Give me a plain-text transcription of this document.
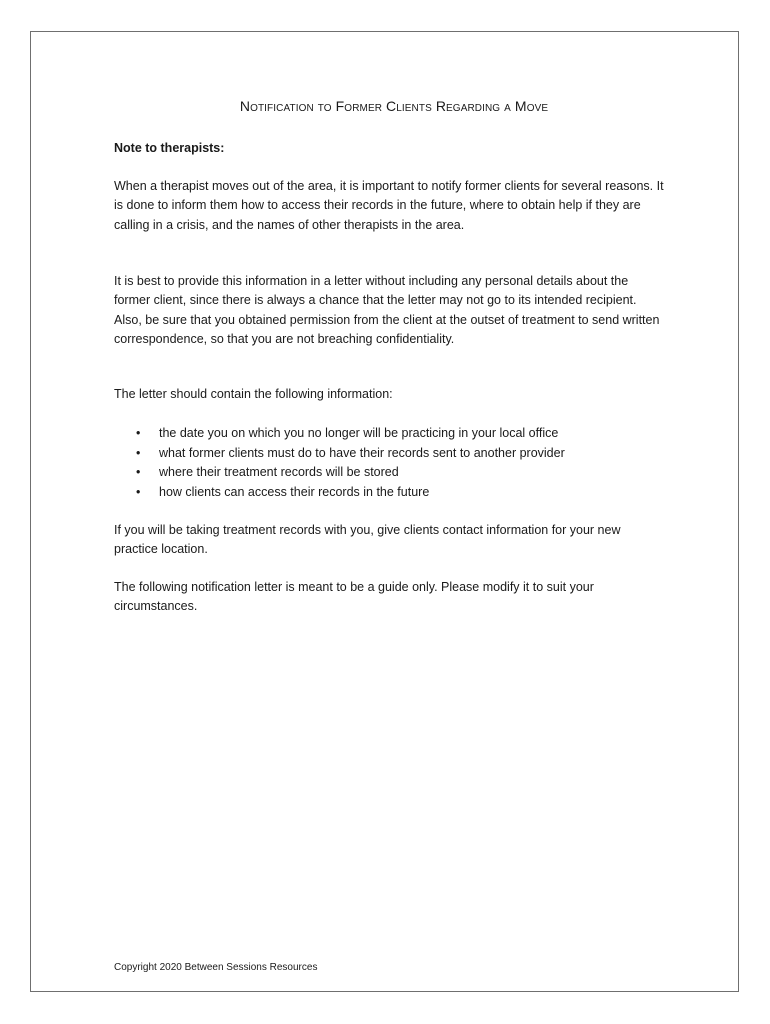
Notification to Former Clients Regarding a Move

Note to therapists:

When a therapist moves out of the area, it is important to notify former clients for several reasons. It is done to inform them how to access their records in the future, where to obtain help if they are calling in a crisis, and the names of other therapists in the area.

It is best to provide this information in a letter without including any personal details about the former client, since there is always a chance that the letter may not go to its intended recipient. Also, be sure that you obtained permission from the client at the outset of treatment to send written correspondence, so that you are not breaching confidentiality.

The letter should contain the following information:

• the date you on which you no longer will be practicing in your local office
• what former clients must do to have their records sent to another provider
• where their treatment records will be stored
• how clients can access their records in the future

If you will be taking treatment records with you, give clients contact information for your new practice location.

The following notification letter is meant to be a guide only. Please modify it to suit your circumstances.

Copyright 2020 Between Sessions Resources
